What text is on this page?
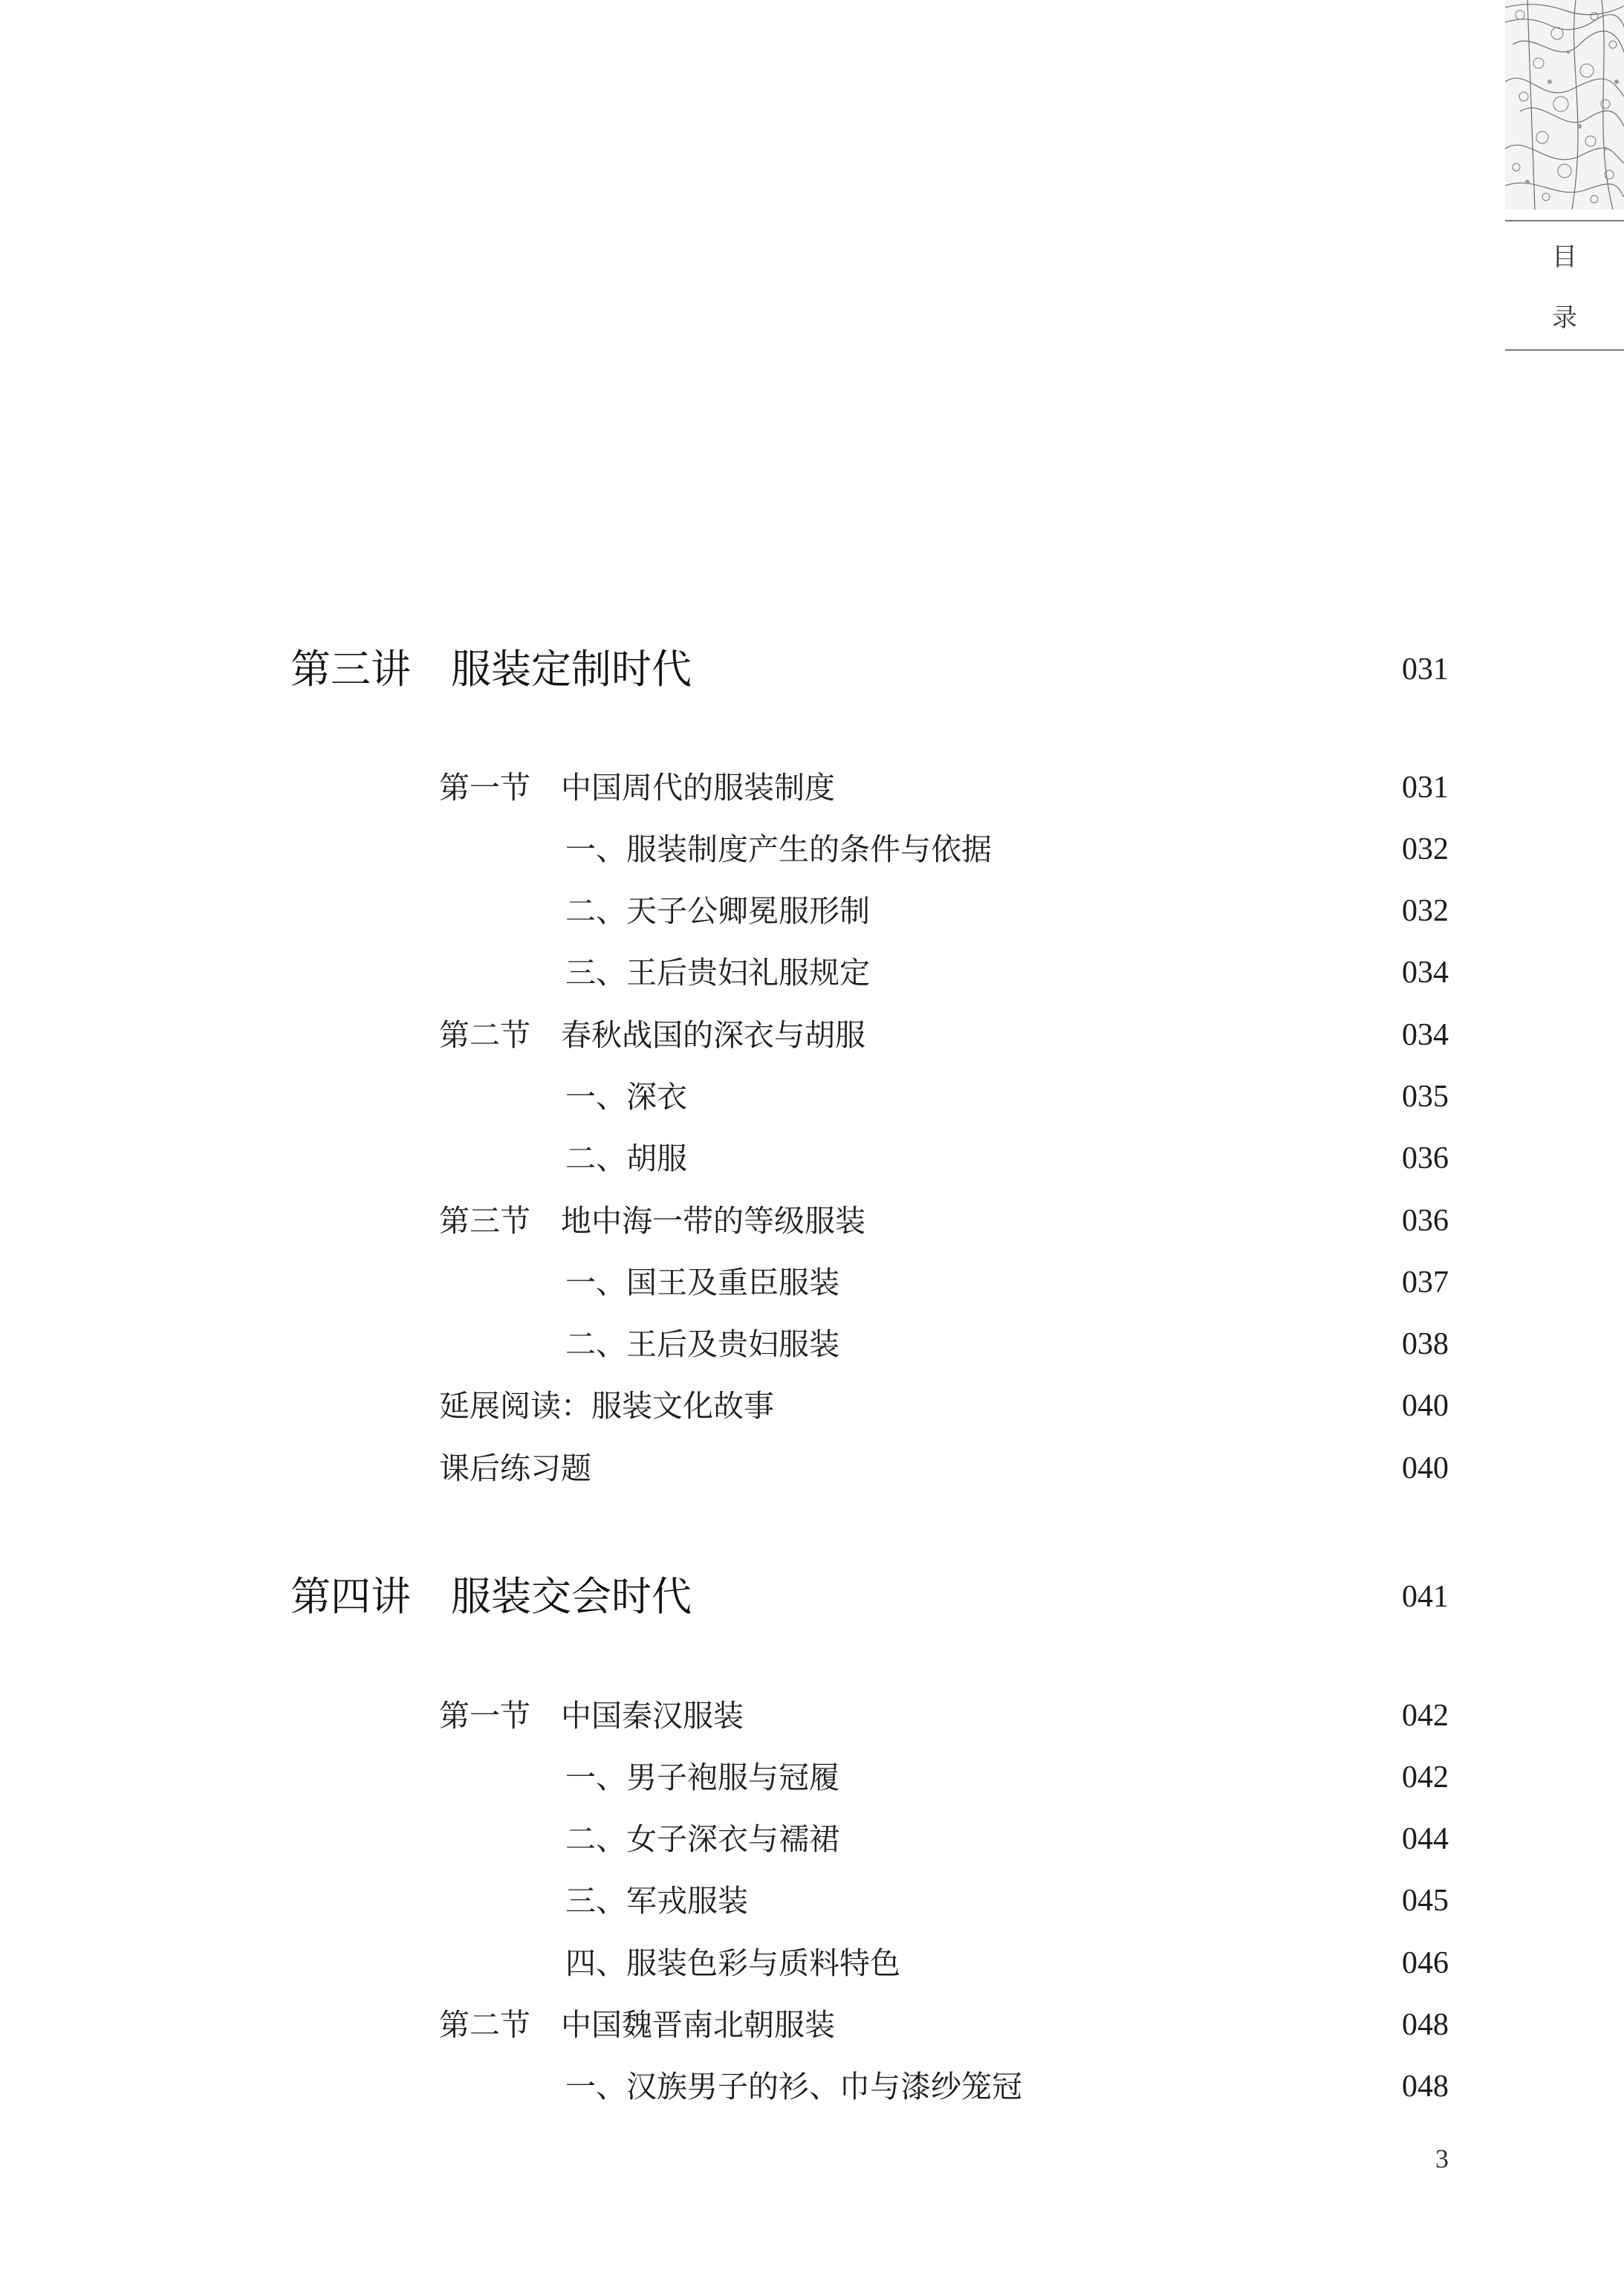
目
录
第三讲　服装定制时代	031
第一节　中国周代的服装制度	031
一、服装制度产生的条件与依据	032
二、天子公卿冕服形制	032
三、王后贵妇礼服规定	034
第二节　春秋战国的深衣与胡服	034
一、深衣	035
二、胡服	036
第三节　地中海一带的等级服装	036
一、国王及重臣服装	037
二、王后及贵妇服装	038
延展阅读：服装文化故事	040
课后练习题	040
第四讲　服装交会时代	041
第一节　中国秦汉服装	042
一、男子袍服与冠履	042
二、女子深衣与襦裙	044
三、军戎服装	045
四、服装色彩与质料特色	046
第二节　中国魏晋南北朝服装	048
一、汉族男子的衫、巾与漆纱笼冠	048
3
